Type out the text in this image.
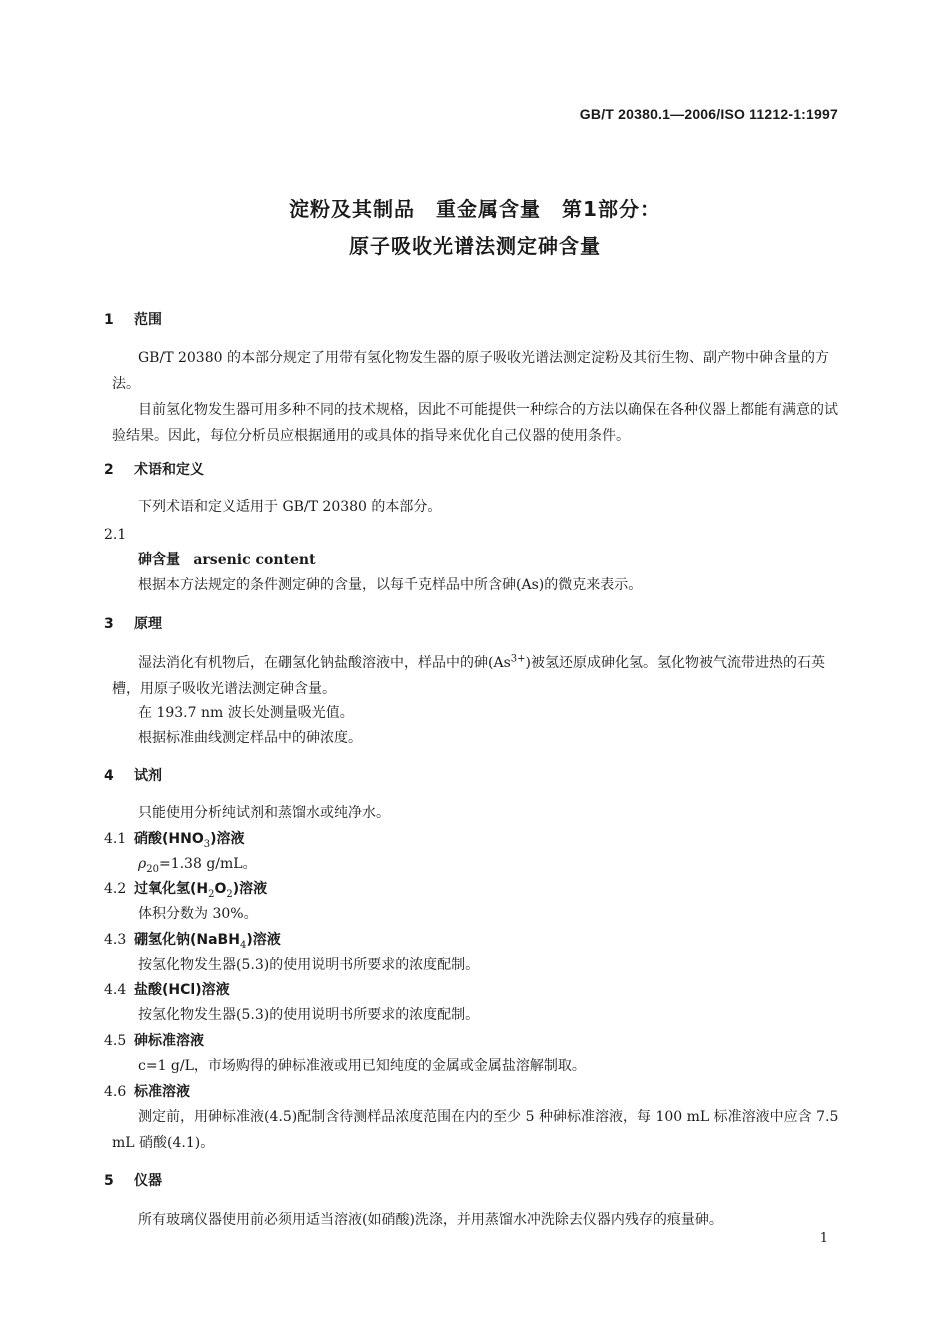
GB/T 20380.1—2006/ISO 11212-1:1997
淀粉及其制品　重金属含量　第1部分：
原子吸收光谱法测定砷含量
1 范围
GB/T 20380 的本部分规定了用带有氢化物发生器的原子吸收光谱法测定淀粉及其衍生物、副产物中砷含量的方法。
目前氢化物发生器可用多种不同的技术规格，因此不可能提供一种综合的方法以确保在各种仪器上都能有满意的试验结果。因此，每位分析员应根据通用的或具体的指导来优化自己仪器的使用条件。
2 术语和定义
下列术语和定义适用于 GB/T 20380 的本部分。
2.1
砷含量 arsenic content
根据本方法规定的条件测定砷的含量，以每千克样品中所含砷(As)的微克来表示。
3 原理
湿法消化有机物后，在硼氢化钠盐酸溶液中，样品中的砷$(As^{3+})$被氢还原成砷化氢。氢化物被气流带进热的石英槽，用原子吸收光谱法测定砷含量。
在 193.7 nm 波长处测量吸光值。
根据标准曲线测定样品中的砷浓度。
4 试剂
只能使用分析纯试剂和蒸馏水或纯净水。
4.1 硝酸$(HNO_3)$溶液
$\rho_{20}=1.38$ g/mL。
4.2 过氧化氢$(H_2O_2)$溶液
体积分数为 30%。
4.3 硼氢化钠(NaBH$_4$)溶液
按氢化物发生器(5.3)的使用说明书所要求的浓度配制。
4.4 盐酸(HCl)溶液
按氢化物发生器(5.3)的使用说明书所要求的浓度配制。
4.5 砷标准溶液
c=1 g/L，市场购得的砷标准液或用已知纯度的金属或金属盐溶解制取。
4.6 标准溶液
测定前，用砷标准液(4.5)配制含待测样品浓度范围在内的至少 5 种砷标准溶液，每 100 mL 标准溶液中应含 7.5 mL 硝酸(4.1)。
5 仪器
所有玻璃仪器使用前必须用适当溶液(如硝酸)洗涤，并用蒸馏水冲洗除去仪器内残存的痕量砷。
1
